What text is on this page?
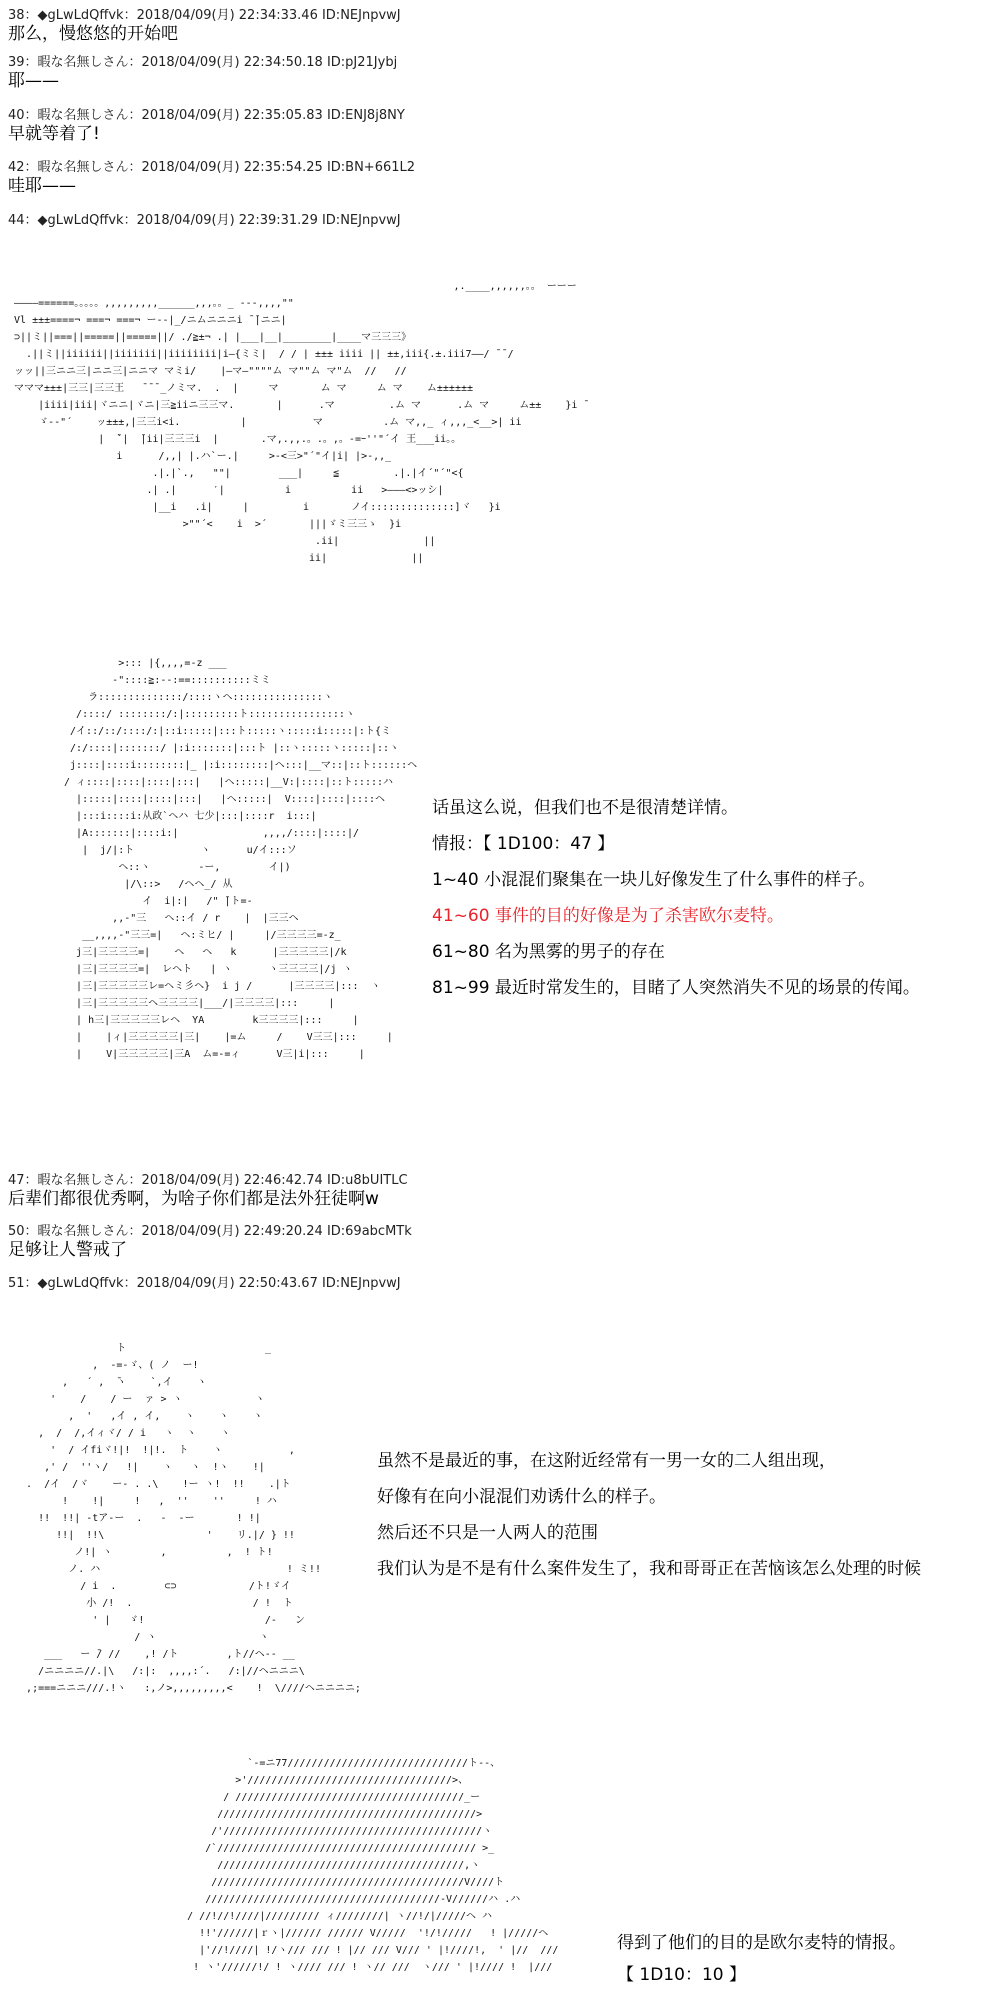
38：◆gLwLdQffvk：2018/04/09(月) 22:34:33.46 ID:NEJnpvwJ
那么，慢悠悠的开始吧
39：暇な名無しさん：2018/04/09(月) 22:34:50.18 ID:pJ21Jybj
耶——
40：暇な名無しさん：2018/04/09(月) 22:35:05.83 ID:ENJ8j8NY
早就等着了!
42：暇な名無しさん：2018/04/09(月) 22:35:54.25 ID:BN+661L2
哇耶——
44：◆gLwLdQffvk：2018/04/09(月) 22:39:31.29 ID:NEJnpvwJ
,.____,,,,,,。。 ーーー
――――======。。。。。,,,,,,,,,______,,,。。_ ---,,,,""
Vl ±±±====¬ ===¬ ===¬ ー--|_/ニムニニニi ̄ ̄|ニニ|
⊃||ミ||===||=====||=====||/ ./≧±¬ .| |___|__|________|____マ三三三》
.||ミ||iiiiii||iiiiiii||iiiiiiii|i―{ミミ|  / / | ±±± iiii || ±±,iii{.±.iii7――/ ̄ ̄ /
ッッ||三ニニ三|ニニ三|ニニマ マミi/    |―マ―""""ム マ""ム マ"ム  //   //
マママ±±±|三三|三三王   ̄ ̄ ̄ _ノミマ.  .  |     マ       ム マ     ム マ    ム±±±±±±
|iiii|iii|ヾニニ|ヾニ|三≧iiニ三三マ.       |      .マ         .ム マ      .ム マ     ム±±    }i ̄
ゞ-‐"´    ッ±±±,|三三i<i.          |           マ          .ム マ,,_ ィ,,,_<__>| ii
|  ̄`|  ̄|ii|三三三i  |       .マ,.,,.。.。,。-=ｰ''"´イ 王___ii。。
i      /,,| |.ハ`ー.|     >-<三>"´"イ|i| |>-,,_
.|.|`.,   ""|        ___|     ≦         .|.|イ´"´"<{
.| .|      ′|          i          ii   >―――<>ッシ|
|__i   .i|     |         i       ノイ::::::::::::::]ヾ   }i
>""´<    i  >´       |||ゞミ三三ゝ  }i
.ii|              ||
ii|              ||
>::: |{,,,,=-z ___
-"::::≧:--:==::::::::::ミミ
ラ::::::::::::::/::::ヽヘ:::::::::::::::ヽ
/::::/ ::::::::/:|:::::::::ト::::::::::::::::ヽ
/イ::/::/::::/:|::i:::::|:::ト:::::ヽ:::::i:::::|:ト{ミ
/:/::::|:::::::/ |:i:::::::|:::ト |::ヽ:::::ヽ:::::|::ヽ
j::::|::::i::::::::|_ |:i::::::::|ヘ:::|__マ::|::ト::::::ヘ
/ ィ::::|::::|::::|:::|   |ヘ:::::|__V:|::::|::ト:::::ハ
|:::::|::::|::::|:::|   |ヘ:::::|  V::::|::::|::::ヘ
|:::i::::i:从政`ヘハ 七少|:::|::::r  i:::|
|A:::::::|::::i:|              ,,,,/::::|::::|/
|  j/|:ト           ヽ      u/イ:::ソ
ヘ::ヽ        -ー,        イ|)
|/\::>   /ヘヘ_/ 从
イ  i|:|   /" ̄|ト=-
,,-"三   ヘ::イ / r    |  |三三ヘ
__,,,,-"三三=|   ヘ:ミヒ/ |     |/三三三三=-z_
j三|三三三三=|    ヘ   ヘ   k      |三三三三三|/k
|三|三三三三=|  レヘト   | ヽ      ヽ三三三三|/j ヽ
|三|三三三三三レ=ヘミ彡ヘ}  i j /      |三三三三|:::  ヽ
|三|三三三三三ヘ三三三三|___/|三三三三|:::     |
| h三|三三三三三レヘ  YA        k三三三三|:::     |
|    |ィ|三三三三三|三|    |=ム     /    V三三|:::     |
|    V|三三三三三|三A  ム=-=ィ      V三|i|:::     |
话虽这么说，但我们也不是很清楚详情。
情报：【 1D100：47 】
1~40 小混混们聚集在一块儿好像发生了什么事件的样子。
41~60 事件的目的好像是为了杀害欧尔麦特。
61~80 名为黑雾的男子的存在
81~99 最近时常发生的，目睹了人突然消失不见的场景的传闻。
47：暇な名無しさん：2018/04/09(月) 22:46:42.74 ID:u8bUITLC
后辈们都很优秀啊，为啥子你们都是法外狂徒啊w
50：暇な名無しさん：2018/04/09(月) 22:49:20.24 ID:69abcMTk
足够让人警戒了
51：◆gLwLdQffvk：2018/04/09(月) 22:50:43.67 ID:NEJnpvwJ
ト                       _
,  -=-ゞ、( ノ  ー!
,   ´ ,  ̄ヽ    `,イ    ヽ
'    /    / ー  ァ > ヽ            ヽ
,  '   ,イ , イ,    ヽ    ヽ    ヽ
,  /  /,イィヾ/ / i   ヽ  ヽ    ヽ
'  / イfiヾ!|!  !|!.  ト    ヽ           ,
,' /  ''ヽ/   !|    ヽ   ヽ  !ヽ    !|
.  /イ  /ヾ    ー- . .\    !ー ヽ!  !!    .|ト
!    !|     !   ,  ''    ''     ! ハ
!!  !!| -tア-ー  .   -  -ー       ! !|
!!|  !!\                 '    リ.|/ } !!
ノ!| ヽ        ,          ,  ! ト!
ノ. ハ                               ! ミ!!
/ i  .        ⊂⊃            /ト!ゞイ
小 /!  .                    / !  ト
' |   ゞ!                    /-   ン
/ ヽ                 ヽ
___   ー ̄/ //    ,! /ト        ,ト//ヘ-- __
/ニニニニ//.|\   /:|:  ,,,,:´.   /:|//ヘニニニ\
,;===ニニニ///.!ヽ   :,ノ>,,,,,,,,,<    !  \////ヘニニニニ;
虽然不是最近的事，在这附近经常有一男一女的二人组出现，
好像有在向小混混们劝诱什么的样子。
然后还不只是一人两人的范围
我们认为是不是有什么案件发生了，我和哥哥正在苦恼该怎么处理的时候
`-=ニ77//////////////////////////////ト--、
>'//////////////////////////////////>、
/ //////////////////////////////////////_ー
///////////////////////////////////////////>
/'///////////////////////////////////////////ヽ
/`/////////////////////////////////////////// >_
/////////////////////////////////////////,ヽ
//////////////////////////////////////////V////ト
///////////////////////////////////////-V//////ハ .ハ
/ //!//!////|///////// ィ////////| ヽ//!/|/////ヘ ハ
!!'//////|ｒヽ|////// ////// V/////  '!/!/////   ! |/////ヘ
|'//!////| !/ヽ/// /// ! |// /// V/// ' |!////!,  ' |//  ///
! ヽ'//////!/ ! ヽ//// /// ! ヽ// ///  ヽ/// ' |!//// !  |///
得到了他们的目的是欧尔麦特的情报。
【 1D10：10 】
